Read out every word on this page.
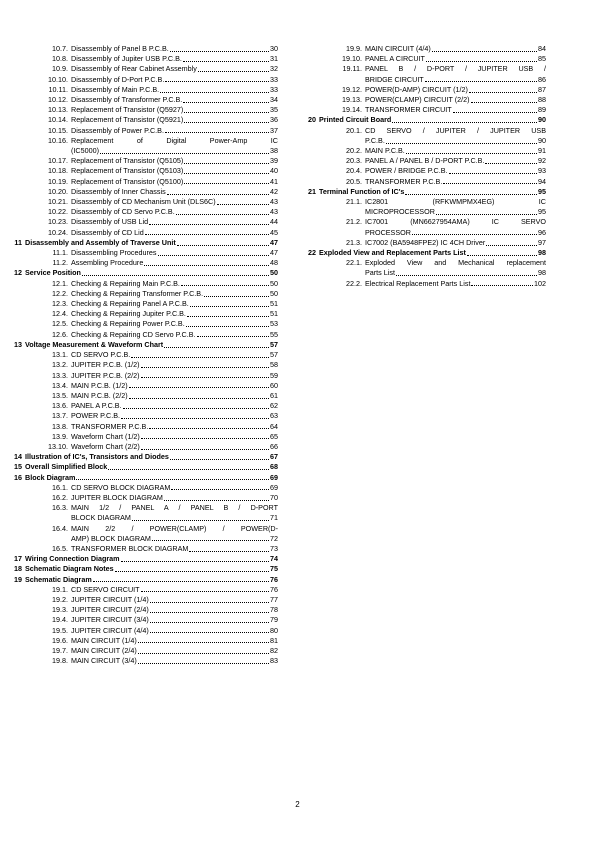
10.7. Disassembly of Panel B P.C.B.	30
10.8. Disassembly of Jupiter USB P.C.B.	31
10.9. Disassembly of Rear Cabinet Assembly	32
10.10. Disassembly of D-Port P.C.B.	33
10.11. Disassembly of Main P.C.B.	33
10.12. Disassembly of Transformer P.C.B.	34
10.13. Replacement of Transistor (Q5927)	35
10.14. Replacement of Transistor (Q5921)	36
10.15. Disassembly of Power P.C.B.	37
10.16. Replacement of Digital Power-Amp IC
(IC5000)	38
10.17. Replacement of Transistor (Q5105)	39
10.18. Replacement of Transistor (Q5103)	40
10.19. Replacement of Transistor (Q5100)	41
10.20. Disassembly of Inner Chassis	42
10.21. Disassembly of CD Mechanism Unit (DLS6C)	43
10.22. Disassembly of CD Servo P.C.B.	43
10.23. Disassembly of USB Lid	44
10.24. Disassembly of CD Lid	45
11 Disassembly and Assembly of Traverse Unit	47
11.1. Disassembling Procedures	47
11.2. Assembling Procedure	48
12 Service Position	50
12.1. Checking & Repairing Main P.C.B.	50
12.2. Checking & Repairing Transformer P.C.B.	50
12.3. Checking & Repairing Panel A P.C.B.	51
12.4. Checking & Repairing Jupiter P.C.B.	51
12.5. Checking & Repairing Power P.C.B.	53
12.6. Checking & Repairing CD Servo P.C.B.	55
13 Voltage Measurement & Waveform Chart	57
13.1. CD SERVO P.C.B.	57
13.2. JUPITER P.C.B. (1/2)	58
13.3. JUPITER P.C.B. (2/2)	59
13.4. MAIN P.C.B. (1/2)	60
13.5. MAIN P.C.B. (2/2)	61
13.6. PANEL A P.C.B.	62
13.7. POWER P.C.B.	63
13.8. TRANSFORMER P.C.B.	64
13.9. Waveform Chart (1/2)	65
13.10. Waveform Chart (2/2)	66
14 Illustration of IC's, Transistors and Diodes	67
15 Overall Simplified Block	68
16 Block Diagram	69
16.1. CD SERVO BLOCK DIAGRAM	69
16.2. JUPITER BLOCK DIAGRAM	70
16.3. MAIN 1/2 / PANEL A / PANEL B / D-PORT
BLOCK DIAGRAM	71
16.4. MAIN 2/2 / POWER(CLAMP) / POWER(D-
AMP) BLOCK DIAGRAM	72
16.5. TRANSFORMER BLOCK DIAGRAM	73
17 Wiring Connection Diagram	74
18 Schematic Diagram Notes	75
19 Schematic Diagram	76
19.1. CD SERVO CIRCUIT	76
19.2. JUPITER CIRCUIT (1/4)	77
19.3. JUPITER CIRCUIT (2/4)	78
19.4. JUPITER CIRCUIT (3/4)	79
19.5. JUPITER CIRCUIT (4/4)	80
19.6. MAIN CIRCUIT (1/4)	81
19.7. MAIN CIRCUIT (2/4)	82
19.8. MAIN CIRCUIT (3/4)	83
19.9. MAIN CIRCUIT (4/4)	84
19.10. PANEL A CIRCUIT	85
19.11. PANEL B / D-PORT / JUPITER USB /
BRIDGE CIRCUIT	86
19.12. POWER(D-AMP) CIRCUIT (1/2)	87
19.13. POWER(CLAMP) CIRCUIT (2/2)	88
19.14. TRANSFORMER CIRCUIT	89
20 Printed Circuit Board	90
20.1. CD SERVO / JUPITER / JUPITER USB
P.C.B.	90
20.2. MAIN P.C.B.	91
20.3. PANEL A / PANEL B / D-PORT P.C.B.	92
20.4. POWER / BRIDGE P.C.B.	93
20.5. TRANSFORMER P.C.B.	94
21 Terminal Function of IC's	95
21.1. IC2801 (RFKWMPMX4EG) IC
MICROPROCESSOR	95
21.2. IC7001 (MN6627954AMA) IC SERVO
PROCESSOR	96
21.3. IC7002 (BA5948FPE2) IC 4CH Driver	97
22 Exploded View and Replacement Parts List	98
22.1. Exploded View and Mechanical replacement
Parts List	98
22.2. Electrical Replacement Parts List	102
2
